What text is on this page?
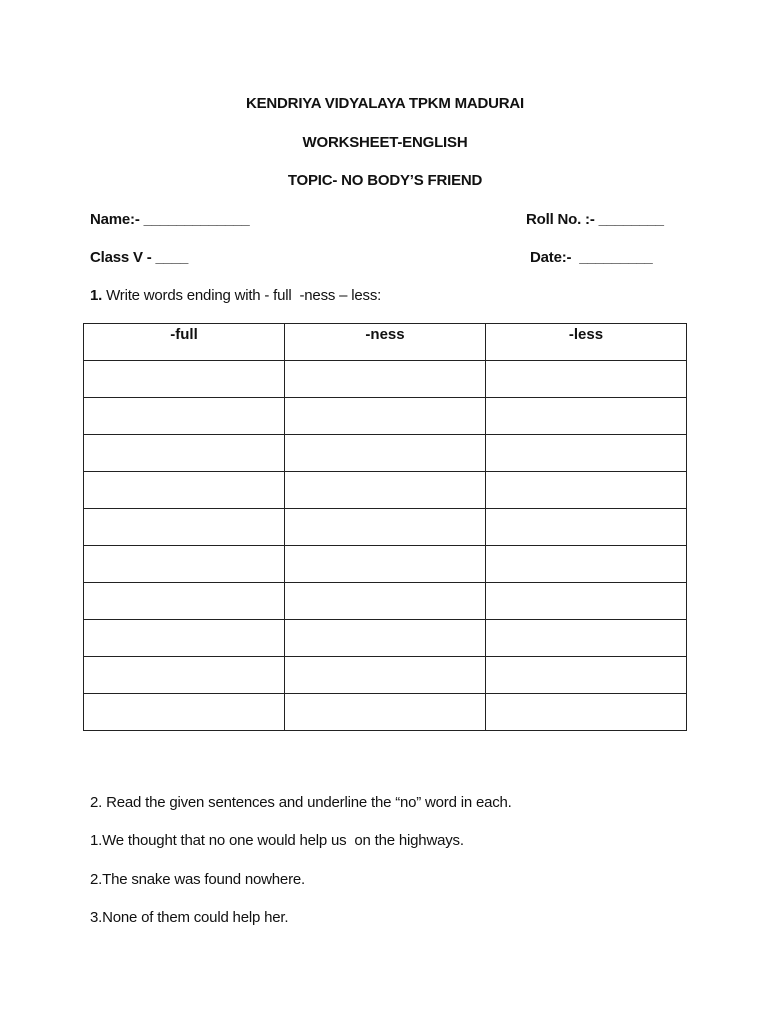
KENDRIYA VIDYALAYA TPKM MADURAI
WORKSHEET-ENGLISH
TOPIC- NO BODY’S FRIEND
Name:- _____________	Roll No. :- ________
Class V - ____	Date:-  _________
1. Write words ending with - full  -ness – less:
-full	-ness	-less

2. Read the given sentences and underline the “no” word in each.
1.We thought that no one would help us  on the highways.
2.The snake was found nowhere.
3.None of them could help her.
